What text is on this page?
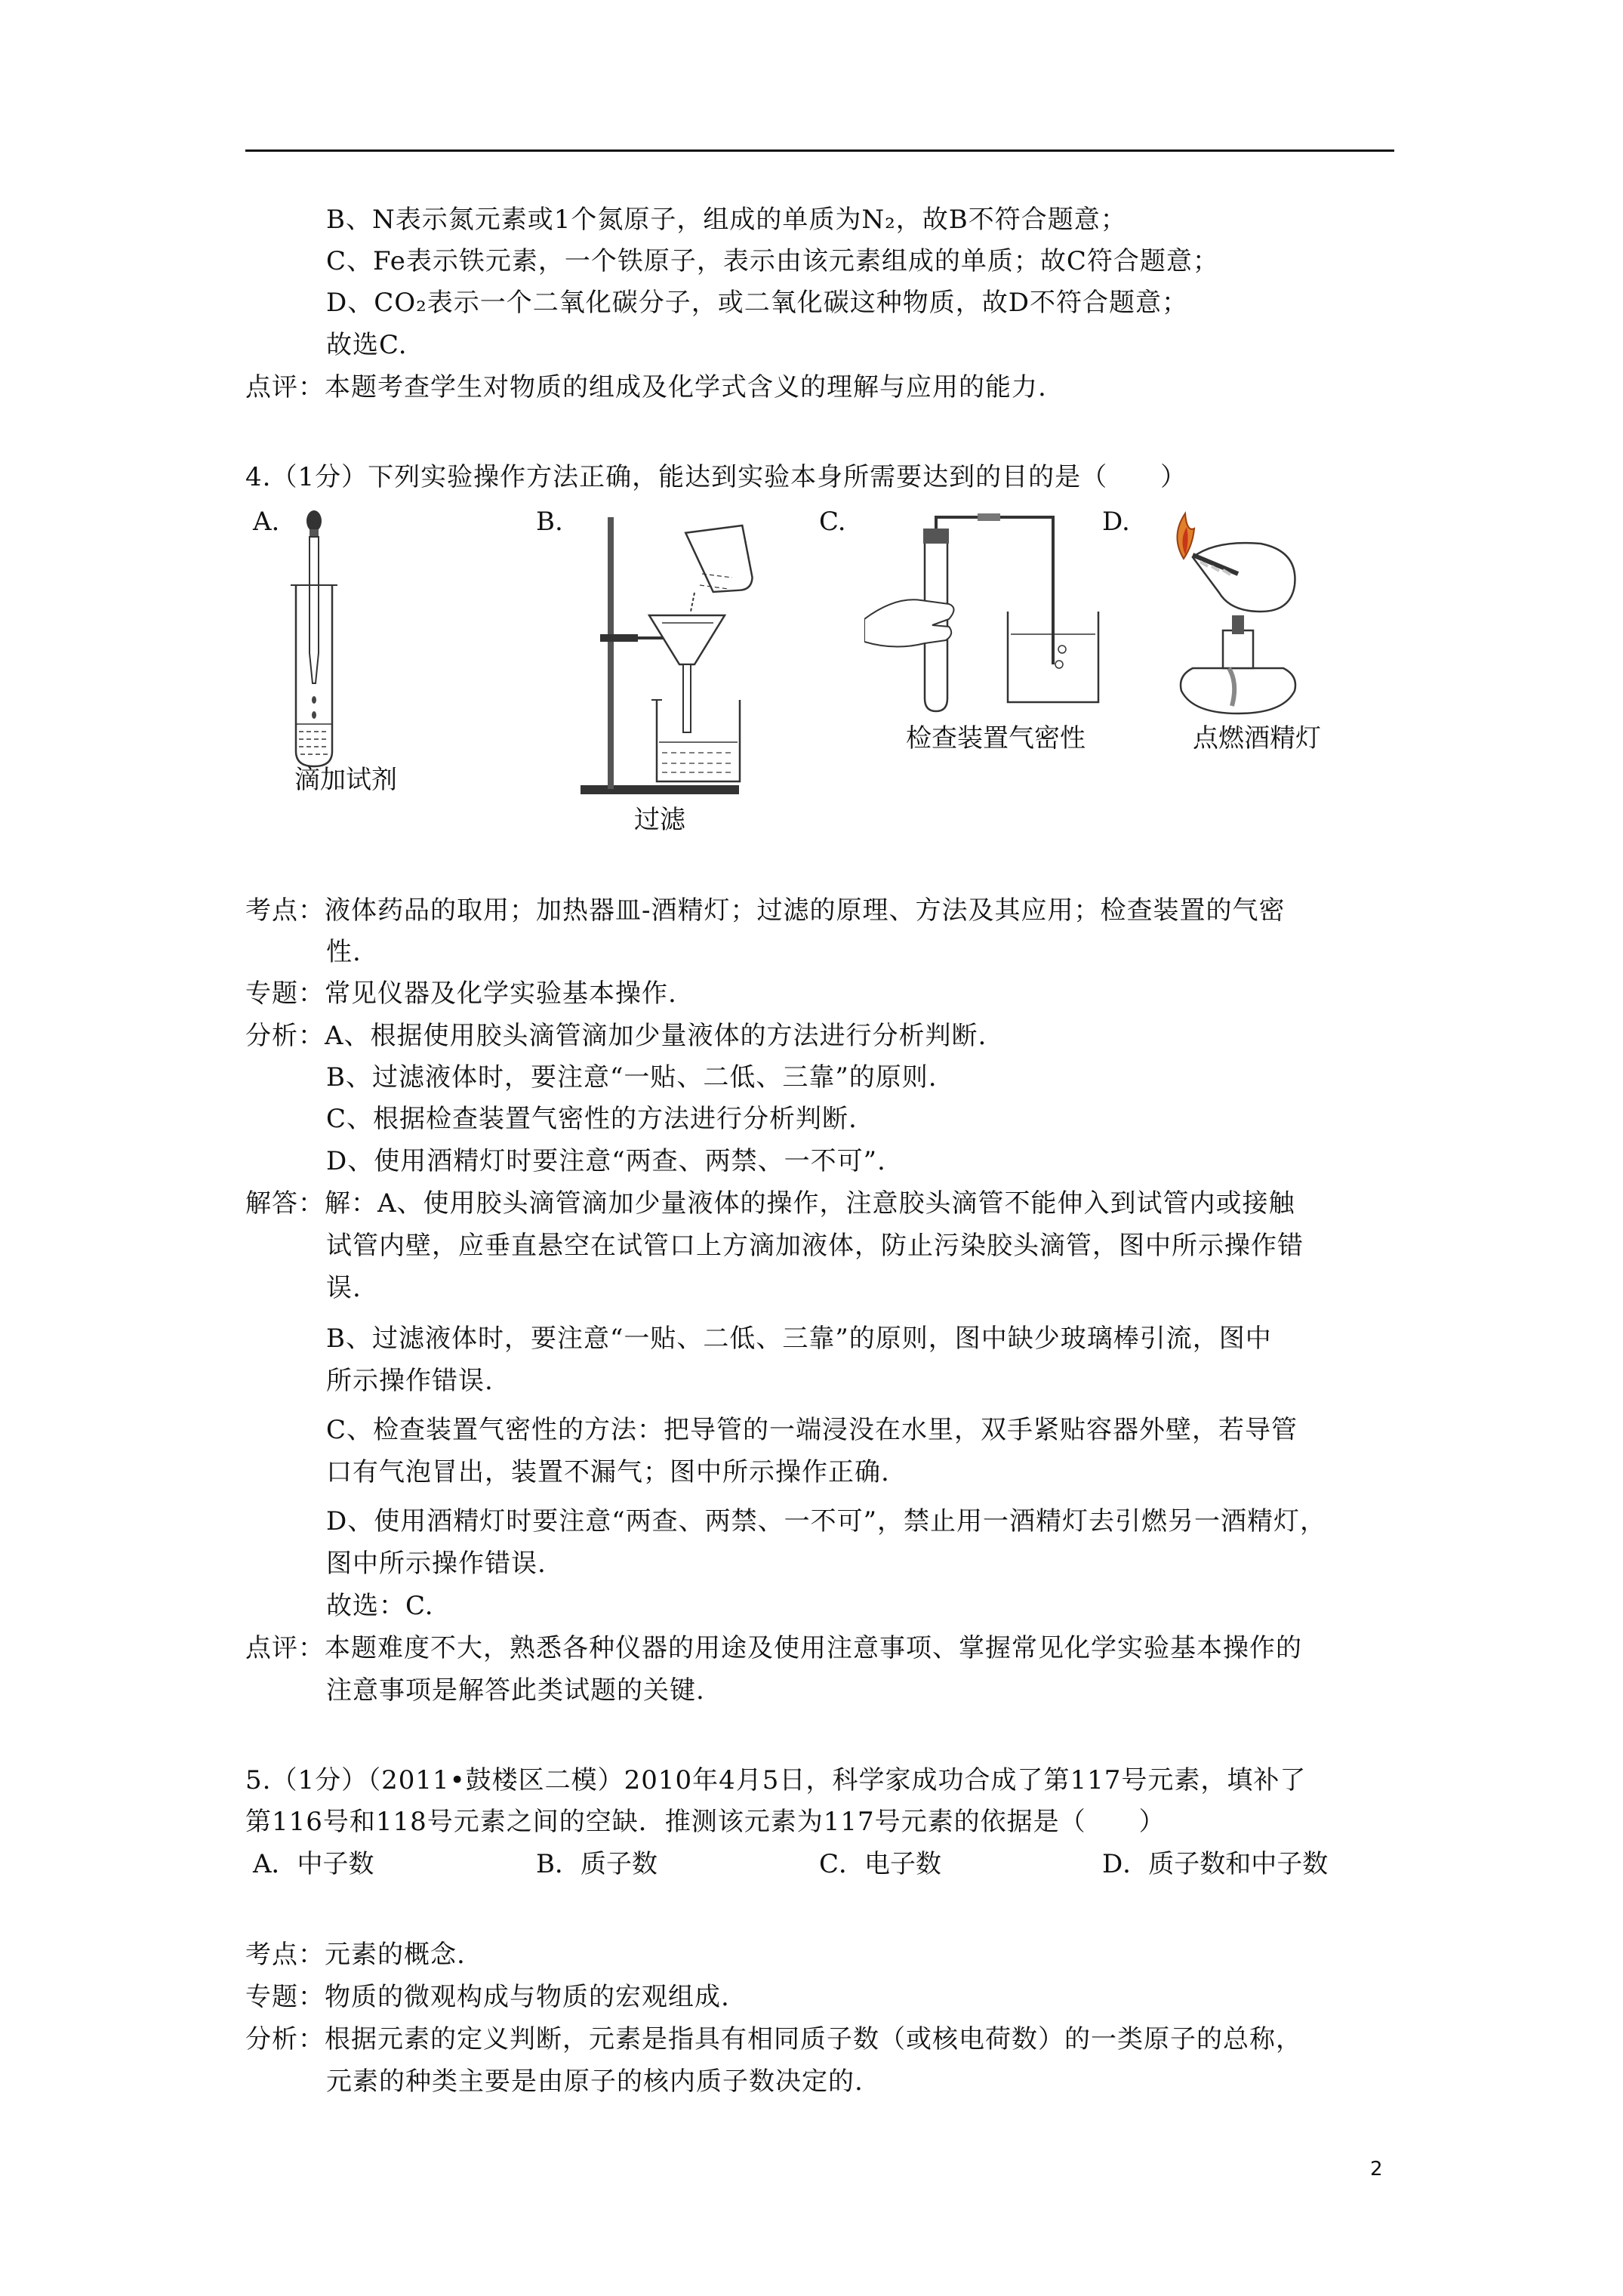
B、N表示氮元素或1个氮原子，组成的单质为N₂，故B不符合题意；
C、Fe表示铁元素，一个铁原子，表示由该元素组成的单质；故C符合题意；
D、CO₂表示一个二氧化碳分子，或二氧化碳这种物质，故D不符合题意；
故选C.
点评：本题考查学生对物质的组成及化学式含义的理解与应用的能力.
4.（1分）下列实验操作方法正确，能达到实验本身所需要达到的目的是（　　）
A.	B.	C.	D.
滴加试剂
过滤
检查装置气密性	点燃酒精灯
考点：液体药品的取用；加热器皿-酒精灯；过滤的原理、方法及其应用；检查装置的气密
性.
专题：常见仪器及化学实验基本操作.
分析：A、根据使用胶头滴管滴加少量液体的方法进行分析判断.
B、过滤液体时，要注意“一贴、二低、三靠”的原则.
C、根据检查装置气密性的方法进行分析判断.
D、使用酒精灯时要注意“两查、两禁、一不可”.
解答：解：A、使用胶头滴管滴加少量液体的操作，注意胶头滴管不能伸入到试管内或接触
试管内壁，应垂直悬空在试管口上方滴加液体，防止污染胶头滴管，图中所示操作错
误.
B、过滤液体时，要注意“一贴、二低、三靠”的原则，图中缺少玻璃棒引流，图中
所示操作错误.
C、检查装置气密性的方法：把导管的一端浸没在水里，双手紧贴容器外壁，若导管
口有气泡冒出，装置不漏气；图中所示操作正确.
D、使用酒精灯时要注意“两查、两禁、一不可”，禁止用一酒精灯去引燃另一酒精灯，
图中所示操作错误.
故选：C.
点评：本题难度不大，熟悉各种仪器的用途及使用注意事项、掌握常见化学实验基本操作的
注意事项是解答此类试题的关键.
5.（1分）（2011•鼓楼区二模）2010年4月5日，科学家成功合成了第117号元素，填补了
第116号和118号元素之间的空缺．推测该元素为117号元素的依据是（　　）
A．中子数	B．质子数	C．电子数	D．质子数和中子数
考点：元素的概念.
专题：物质的微观构成与物质的宏观组成.
分析：根据元素的定义判断，元素是指具有相同质子数（或核电荷数）的一类原子的总称，
元素的种类主要是由原子的核内质子数决定的.
2
